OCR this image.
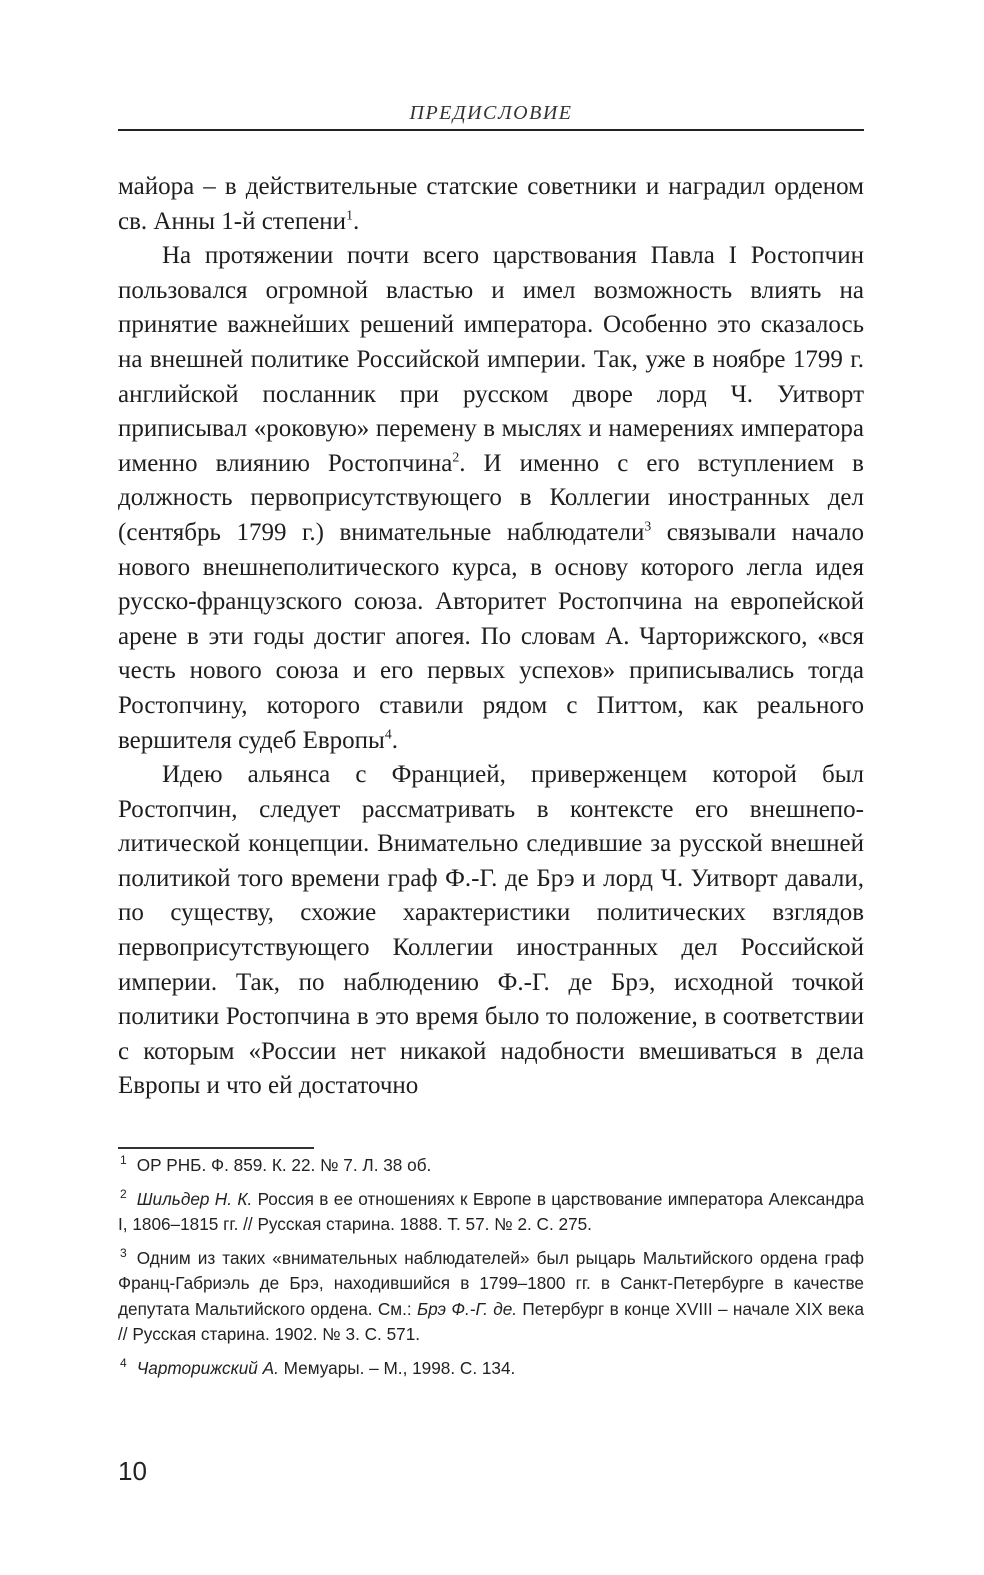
ПРЕДИСЛОВИЕ

майора – в действительные статские советники и наградил орденом св. Анны 1-й степени$^1$.

На протяжении почти всего царствования Павла I Ростопчин пользовался огромной властью и имел возможность влиять на принятие важнейших решений императора. Особенно это сказалось на внешней политике Российской империи. Так, уже в ноябре 1799 г. английской посланник при русском дворе лорд Ч. Уитворт приписывал «роковую» перемену в мыслях и намерениях императора именно влиянию Ростопчина$^2$. И именно с его вступлением в должность первоприсутствующего в Коллегии иностранных дел (сентябрь 1799 г.) внимательные наблюдатели$^3$ связывали начало нового внешнеполитического курса, в основу которого легла идея русско-французского союза. Авторитет Ростопчина на европейской арене в эти годы достиг апогея. По словам А. Чарторижского, «вся честь нового союза и его первых успехов» приписывались тогда Ростопчину, которого ставили рядом с Питтом, как реального вершителя судеб Европы$^4$.

Идею альянса с Францией, приверженцем которой был Ростопчин, следует рассматривать в контексте его внешнеполитической концепции. Внимательно следившие за русской внешней политикой того времени граф Ф.-Г. де Брэ и лорд Ч. Уитворт давали, по существу, схожие характеристики политических взглядов первоприсутствующего Коллегии иностранных дел Российской империи. Так, по наблюдению Ф.-Г. де Брэ, исходной точкой политики Ростопчина в это время было то положение, в соответствии с которым «России нет никакой надобности вмешиваться в дела Европы и что ей достаточно

$^1$ ОР РНБ. Ф. 859. К. 22. № 7. Л. 38 об.

$^2$ Шильдер Н. К. Россия в ее отношениях к Европе в царствование императора Александра I, 1806–1815 гг. // Русская старина. 1888. Т. 57. № 2. С. 275.

$^3$ Одним из таких «внимательных наблюдателей» был рыцарь Мальтийского ордена граф Франц-Габриэль де Брэ, находившийся в 1799–1800 гг. в Санкт-Петербурге в качестве депутата Мальтийского ордена. См.: Брэ Ф.-Г. де. Петербург в конце XVIII – начале XIX века // Русская старина. 1902. № 3. С. 571.

$^4$ Чарторижский А. Мемуары. – М., 1998. С. 134.

10
